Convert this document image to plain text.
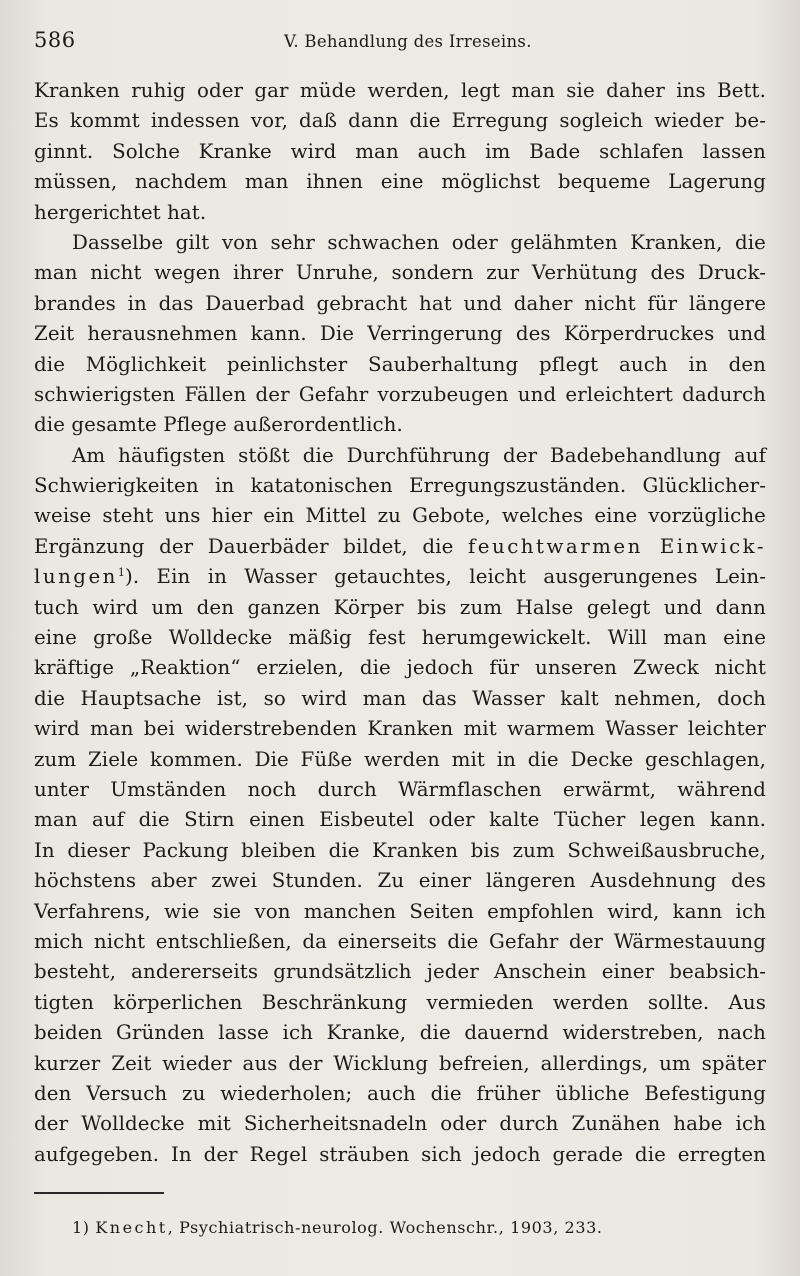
586	V. Behandlung des Irreseins.
Kranken ruhig oder gar müde werden, legt man sie daher ins Bett.
Es kommt indessen vor, daß dann die Erregung sogleich wieder be-
ginnt. Solche Kranke wird man auch im Bade schlafen lassen
müssen, nachdem man ihnen eine möglichst bequeme Lagerung
hergerichtet hat.
Dasselbe gilt von sehr schwachen oder gelähmten Kranken, die
man nicht wegen ihrer Unruhe, sondern zur Verhütung des Druck-
brandes in das Dauerbad gebracht hat und daher nicht für längere
Zeit herausnehmen kann. Die Verringerung des Körperdruckes und
die Möglichkeit peinlichster Sauberhaltung pflegt auch in den
schwierigsten Fällen der Gefahr vorzubeugen und erleichtert dadurch
die gesamte Pflege außerordentlich.
Am häufigsten stößt die Durchführung der Badebehandlung auf
Schwierigkeiten in katatonischen Erregungszuständen. Glücklicher-
weise steht uns hier ein Mittel zu Gebote, welches eine vorzügliche
Ergänzung der Dauerbäder bildet, die feuchtwarmen Einwick-
lungen$^1$). Ein in Wasser getauchtes, leicht ausgerungenes Lein-
tuch wird um den ganzen Körper bis zum Halse gelegt und dann
eine große Wolldecke mäßig fest herumgewickelt. Will man eine
kräftige „Reaktion“ erzielen, die jedoch für unseren Zweck nicht
die Hauptsache ist, so wird man das Wasser kalt nehmen, doch
wird man bei widerstrebenden Kranken mit warmem Wasser leichter
zum Ziele kommen. Die Füße werden mit in die Decke geschlagen,
unter Umständen noch durch Wärmflaschen erwärmt, während
man auf die Stirn einen Eisbeutel oder kalte Tücher legen kann.
In dieser Packung bleiben die Kranken bis zum Schweißausbruche,
höchstens aber zwei Stunden. Zu einer längeren Ausdehnung des
Verfahrens, wie sie von manchen Seiten empfohlen wird, kann ich
mich nicht entschließen, da einerseits die Gefahr der Wärmestauung
besteht, andererseits grundsätzlich jeder Anschein einer beabsich-
tigten körperlichen Beschränkung vermieden werden sollte. Aus
beiden Gründen lasse ich Kranke, die dauernd widerstreben, nach
kurzer Zeit wieder aus der Wicklung befreien, allerdings, um später
den Versuch zu wiederholen; auch die früher übliche Befestigung
der Wolldecke mit Sicherheitsnadeln oder durch Zunähen habe ich
aufgegeben. In der Regel sträuben sich jedoch gerade die erregten
1) Knecht, Psychiatrisch-neurolog. Wochenschr., 1903, 233.
